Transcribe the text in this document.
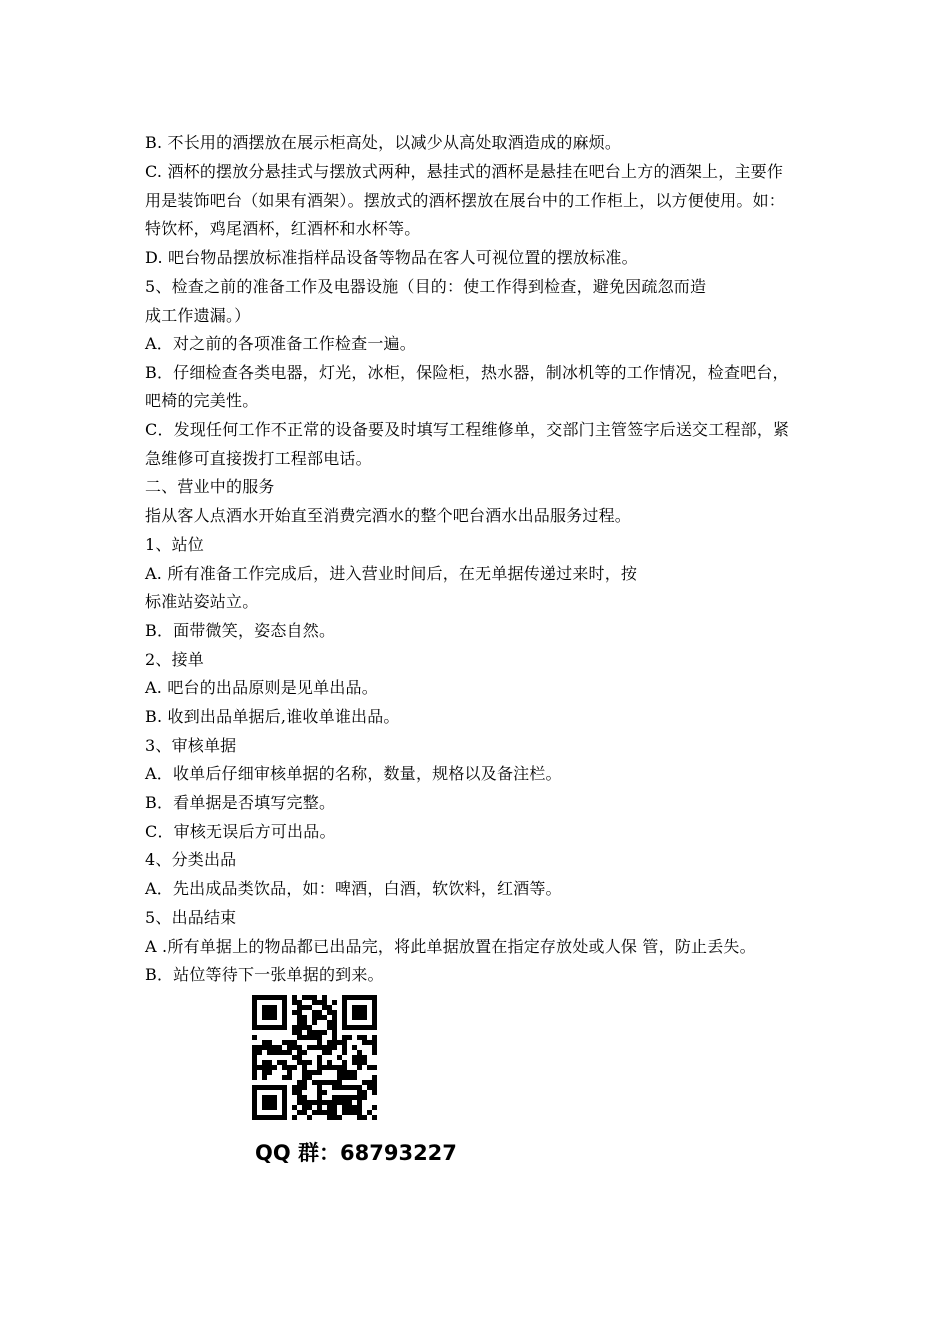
B. 不长用的酒摆放在展示柜高处，以减少从高处取酒造成的麻烦。
C. 酒杯的摆放分悬挂式与摆放式两种，悬挂式的酒杯是悬挂在吧台上方的酒架上，主要作
用是装饰吧台（如果有酒架）。摆放式的酒杯摆放在展台中的工作柜上，以方便使用。如：
特饮杯，鸡尾酒杯，红酒杯和水杯等。
D. 吧台物品摆放标准指样品设备等物品在客人可视位置的摆放标准。
5、检查之前的准备工作及电器设施（目的：使工作得到检查，避免因疏忽而造
成工作遗漏。）
A．对之前的各项准备工作检查一遍。
B．仔细检查各类电器，灯光，冰柜，保险柜，热水器，制冰机等的工作情况，检查吧台，
吧椅的完美性。
C．发现任何工作不正常的设备要及时填写工程维修单，交部门主管签字后送交工程部，紧
急维修可直接拨打工程部电话。
二、营业中的服务
指从客人点酒水开始直至消费完酒水的整个吧台酒水出品服务过程。
1、站位
A. 所有准备工作完成后，进入营业时间后，在无单据传递过来时，按
标准站姿站立。
B．面带微笑，姿态自然。
2、接单
A. 吧台的出品原则是见单出品。
B. 收到出品单据后,谁收单谁出品。
3、审核单据
A．收单后仔细审核单据的名称，数量，规格以及备注栏。
B．看单据是否填写完整。
C．审核无误后方可出品。
4、分类出品
A．先出成品类饮品，如：啤酒，白酒，软饮料，红酒等。
5、出品结束
A .所有单据上的物品都已出品完，将此单据放置在指定存放处或人保 管，防止丢失。
B．站位等待下一张单据的到来。
QQ 群：68793227
